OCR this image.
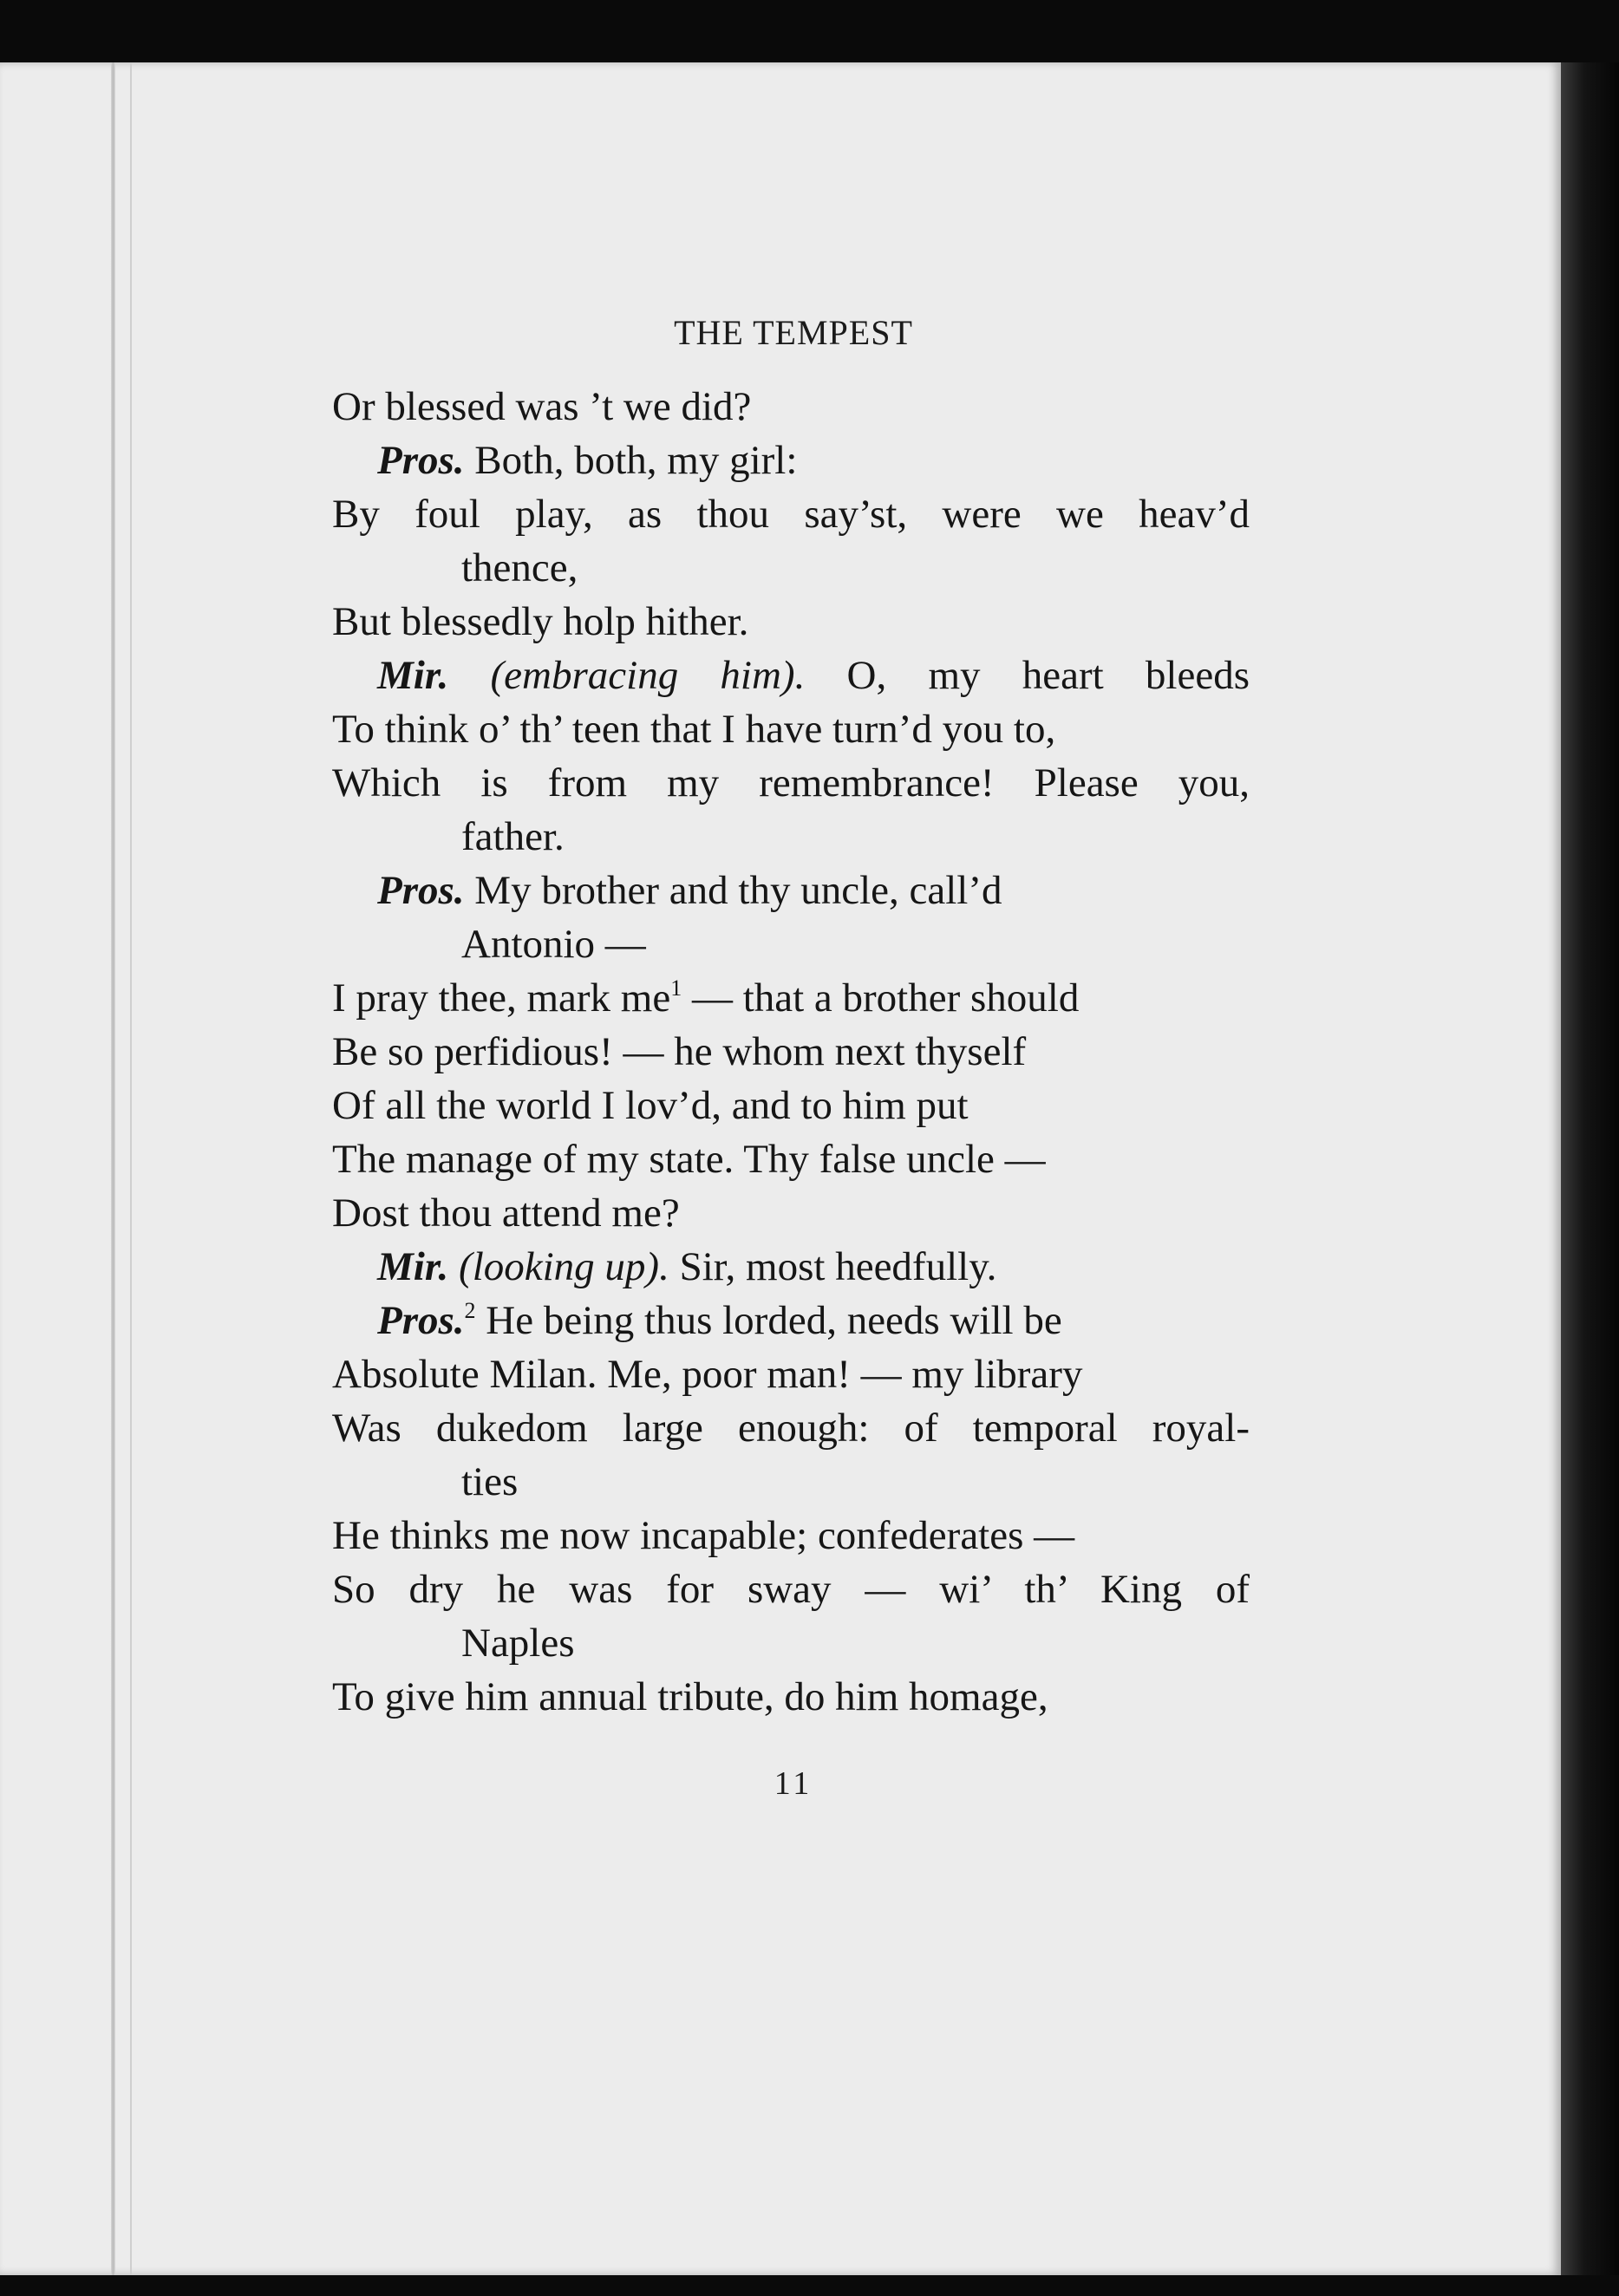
THE TEMPEST
Or blessed was ’t we did?
Pros. Both, both, my girl:
By foul play, as thou say’st, were we heav’d
thence,
But blessedly holp hither.
Mir. (embracing him). O, my heart bleeds
To think o’ th’ teen that I have turn’d you to,
Which is from my remembrance! Please you,
father.
Pros. My brother and thy uncle, call’d
Antonio —
I pray thee, mark $me^1$ — that a brother should
Be so perfidious! — he whom next thyself
Of all the world I lov’d, and to him put
The manage of my state. Thy false uncle —
Dost thou attend me?
Mir. (looking up). Sir, most heedfully.
Pros.$^2$ He being thus lorded, needs will be
Absolute Milan. Me, poor man! — my library
Was dukedom large enough: of temporal royal-
ties
He thinks me now incapable; confederates —
So dry he was for sway — wi’ th’ King of
Naples
To give him annual tribute, do him homage,
11
